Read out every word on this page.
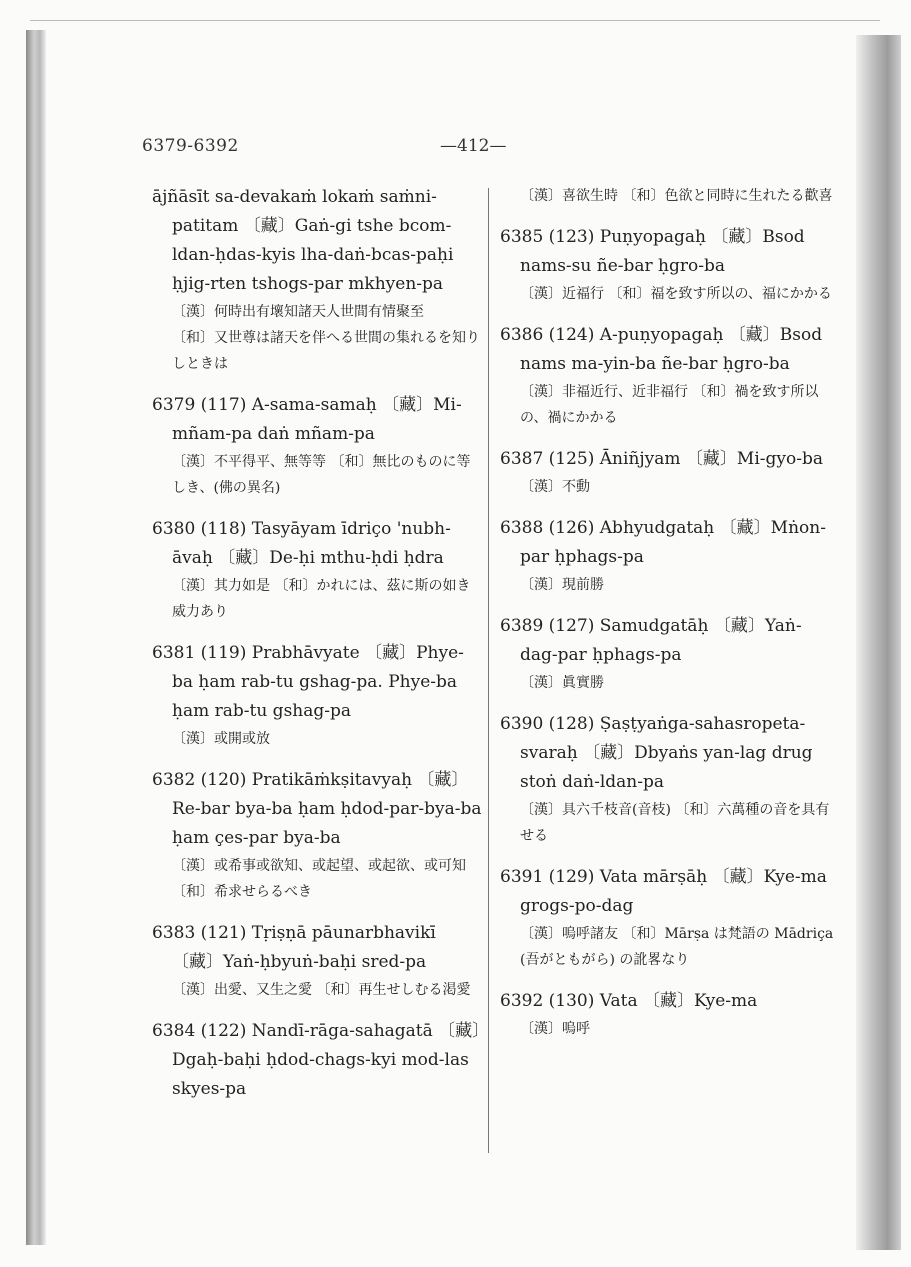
6379-6392	—412—

ājñāsīt sa-devakaṁ lokaṁ saṁni-patitam 〔藏〕Gaṅ-gi tshe bcom-ldan-ḥdas-kyis lha-daṅ-bcas-paḥi ḥjig-rten tshogs-par mkhyen-pa

〔漢〕何時出有壞知諸天人世間有情聚至

〔和〕又世尊は諸天を伴へる世間の集れるを知りしときは

6379 (117) A-sama-samaḥ 〔藏〕Mi-mñam-pa daṅ mñam-pa

〔漢〕不平得平、無等等 〔和〕無比のものに等しき、(佛の異名)

6380 (118) Tasyāyam īdriço 'nubh-āvaḥ 〔藏〕De-ḥi mthu-ḥdi ḥdra

〔漢〕其力如是 〔和〕かれには、茲に斯の如き威力あり

6381 (119) Prabhāvyate 〔藏〕Phye-ba ḥam rab-tu gshag-pa. Phye-ba ḥam rab-tu gshag-pa

〔漢〕或開或放

6382 (120) Pratikāṁkṣitavyaḥ 〔藏〕Re-bar bya-ba ḥam ḥdod-par-bya-ba ḥam çes-par bya-ba

〔漢〕或希事或欲知、或起望、或起欲、或可知 〔和〕希求せらるべき

6383 (121) Tṛiṣṇā pāunarbhavikī 〔藏〕Yaṅ-ḥbyuṅ-baḥi sred-pa

〔漢〕出愛、又生之愛 〔和〕再生せしむる渇愛

6384 (122) Nandī-rāga-sahagatā 〔藏〕Dgaḥ-baḥi ḥdod-chags-kyi mod-las skyes-pa

〔漢〕喜欲生時 〔和〕色欲と同時に生れたる歡喜

6385 (123) Puṇyopagaḥ 〔藏〕Bsod nams-su ñe-bar ḥgro-ba

〔漢〕近福行 〔和〕福を致す所以の、福にかかる

6386 (124) A-puṇyopagaḥ 〔藏〕Bsod nams ma-yin-ba ñe-bar ḥgro-ba

〔漢〕非福近行、近非福行 〔和〕禍を致す所以の、禍にかかる

6387 (125) Āniñjyam 〔藏〕Mi-gyo-ba

〔漢〕不動

6388 (126) Abhyudgataḥ 〔藏〕Mṅon-par ḥphags-pa

〔漢〕現前勝

6389 (127) Samudgatāḥ 〔藏〕Yaṅ-dag-par ḥphags-pa

〔漢〕眞實勝

6390 (128) Ṣaṣṭyaṅga-sahasropeta-svaraḥ 〔藏〕Dbyaṅs yan-lag drug stoṅ daṅ-ldan-pa

〔漢〕具六千枝音(音枝) 〔和〕六萬種の音を具有せる

6391 (129) Vata mārṣāḥ 〔藏〕Kye-ma grogs-po-dag

〔漢〕嗚呼諸友 〔和〕Mārṣa は梵語の Mādriça (吾がともがら) の訛畧なり

6392 (130) Vata 〔藏〕Kye-ma

〔漢〕嗚呼
